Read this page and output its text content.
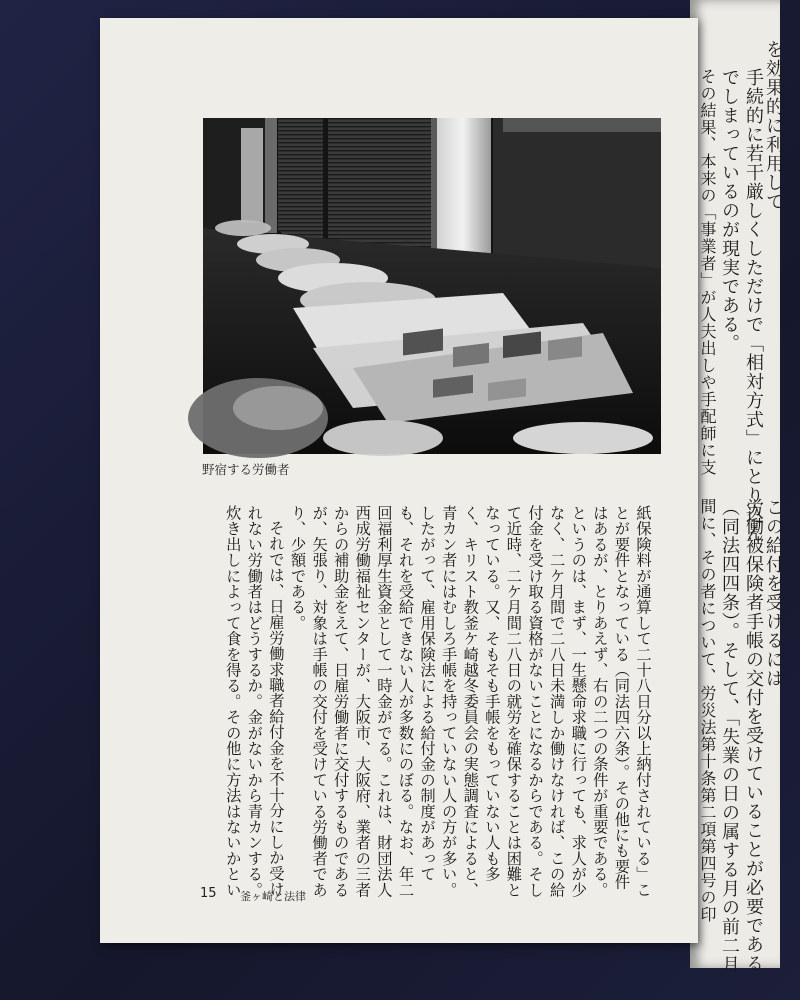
を効果的に利用して
手続的に若干厳しくしただけで「相対方式」にとり込ん
でしまっているのが現実である。
その結果、本来の「事業者」が人夫出しや手配師に支
この給付を受けるには
労働被保険者手帳の交付を受けていることが必要である
（同法四四条）。そして、「失業の日の属する月の前二月
間に、その者について、労災法第十条第二項第四号の印
野宿する労働者

紙保険料が通算して二十八日分以上納付されている」ことが要件となっている（同法四六条）。その他にも要件はあるが、とりあえず、右の二つの条件が重要である。というのは、まず、一生懸命求職に行っても、求人が少なく、二ケ月間で二八日未満しか働けなければ、この給付金を受け取る資格がないことになるからである。そして近時、二ケ月間二八日の就労を確保することは困難となっている。又、そもそも手帳をもっていない人も多く、キリスト教釜ケ崎越冬委員会の実態調査によると、青カン者にはむしろ手帳を持っていない人の方が多い。したがって、雇用保険法による給付金の制度があっても、それを受給できない人が多数にのぼる。なお、年二回福利厚生資金として一時金がでる。これは、財団法人西成労働福祉センターが、大阪市、大阪府、業者の三者からの補助金をえて、日雇労働者に交付するものであるが、矢張り、対象は手帳の交付を受けている労働者であり、少額である。

それでは、日雇労働求職者給付金を不十分にしか受けれない労働者はどうするか。金がないから青カンする。炊き出しによって食を得る。その他に方法はないかとい

15 釜ヶ崎と法律
